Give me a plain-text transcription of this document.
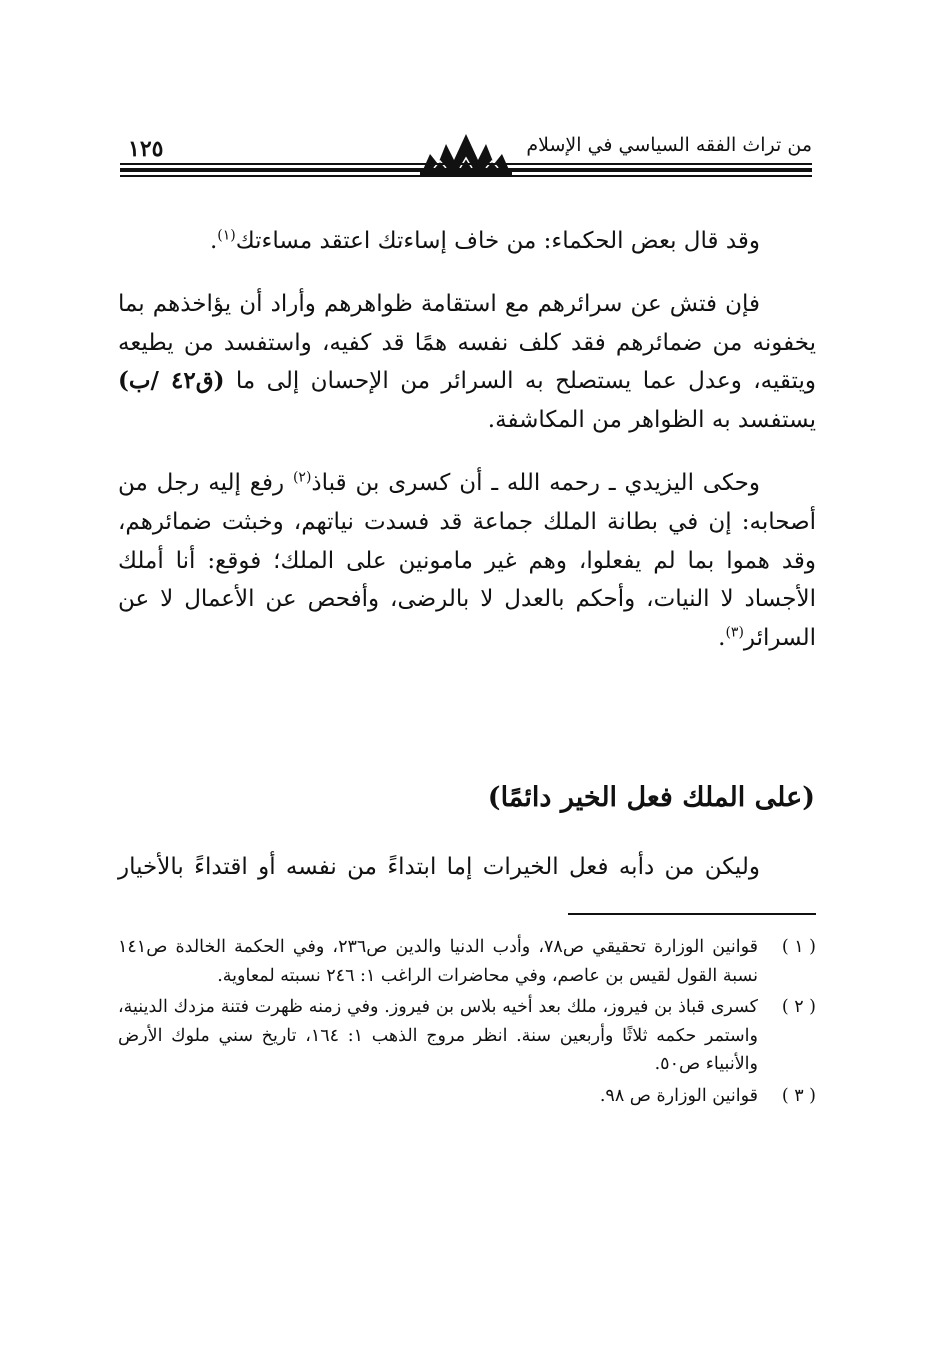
١٢٥	من تراث الفقه السياسي في الإسلام

وقد قال بعض الحكماء: من خاف إساءتك اعتقد مساءتك$^{(١)}$.

فإن فتش عن سرائرهم مع استقامة ظواهرهم وأراد أن يؤاخذهم بما يخفونه من ضمائرهم فقد كلف نفسه همًا قد كفيه، واستفسد من يطيعه ويتقيه، وعدل عما يستصلح به السرائر من الإحسان إلى ما (ق٤٢ /ب) يستفسد به الظواهر من المكاشفة.

وحكى اليزيدي ـ رحمه الله ـ أن كسرى بن قباذ$^{(٢)}$ رفع إليه رجل من أصحابه: إن في بطانة الملك جماعة قد فسدت نياتهم، وخبثت ضمائرهم، وقد هموا بما لم يفعلوا، وهم غير مامونين على الملك؛ فوقع: أنا أملك الأجساد لا النيات، وأحكم بالعدل لا بالرضى، وأفحص عن الأعمال لا عن السرائر$^{(٣)}$.

(على الملك فعل الخير دائمًا)
وليكن من دأبه فعل الخيرات إما ابتداءً من نفسه أو اقتداءً بالأخيار
( ١ )
قوانين الوزارة تحقيقي ص٧٨، وأدب الدنيا والدين ص٢٣٦، وفي الحكمة الخالدة ص١٤١ نسبة القول لقيس بن عاصم، وفي محاضرات الراغب ١: ٢٤٦ نسبته لمعاوية.
( ٢ )
كسرى قباذ بن فيروز، ملك بعد أخيه بلاس بن فيروز. وفي زمنه ظهرت فتنة مزدك الدينية، واستمر حكمه ثلاثًا وأربعين سنة. انظر مروج الذهب ١: ١٦٤، تاريخ سني ملوك الأرض والأنبياء ص٥٠.
( ٣ )
قوانين الوزارة ص ٩٨.
